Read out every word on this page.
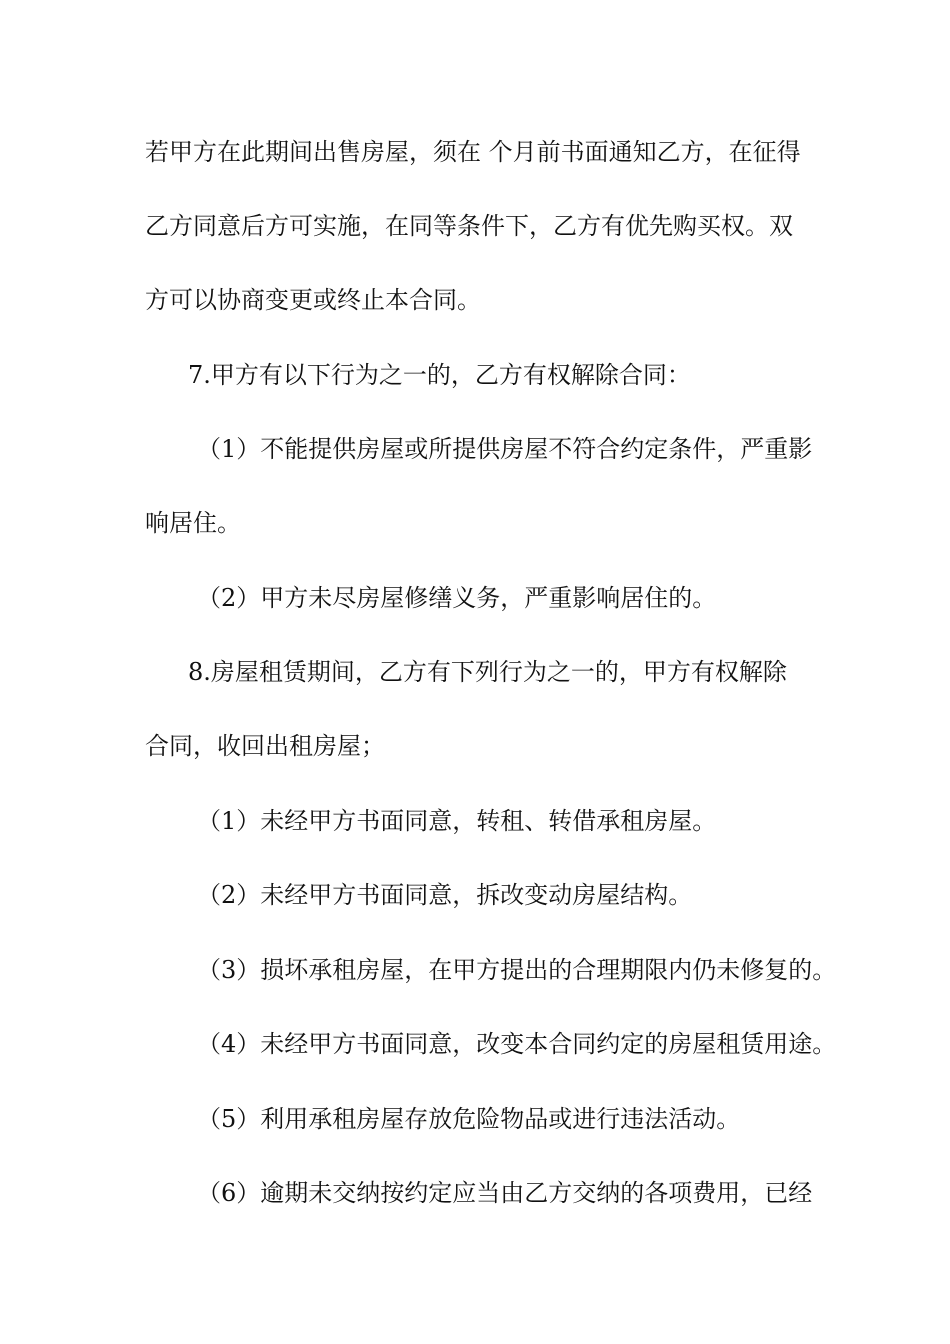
若甲方在此期间出售房屋，须在 个月前书面通知乙方，在征得
乙方同意后方可实施，在同等条件下，乙方有优先购买权。双
方可以协商变更或终止本合同。
7.甲方有以下行为之一的，乙方有权解除合同：
（1）不能提供房屋或所提供房屋不符合约定条件，严重影
响居住。
（2）甲方未尽房屋修缮义务，严重影响居住的。
8.房屋租赁期间，乙方有下列行为之一的，甲方有权解除
合同，收回出租房屋；
（1）未经甲方书面同意，转租、转借承租房屋。
（2）未经甲方书面同意，拆改变动房屋结构。
（3）损坏承租房屋，在甲方提出的合理期限内仍未修复的。
（4）未经甲方书面同意，改变本合同约定的房屋租赁用途。
（5）利用承租房屋存放危险物品或进行违法活动。
（6）逾期未交纳按约定应当由乙方交纳的各项费用，已经
